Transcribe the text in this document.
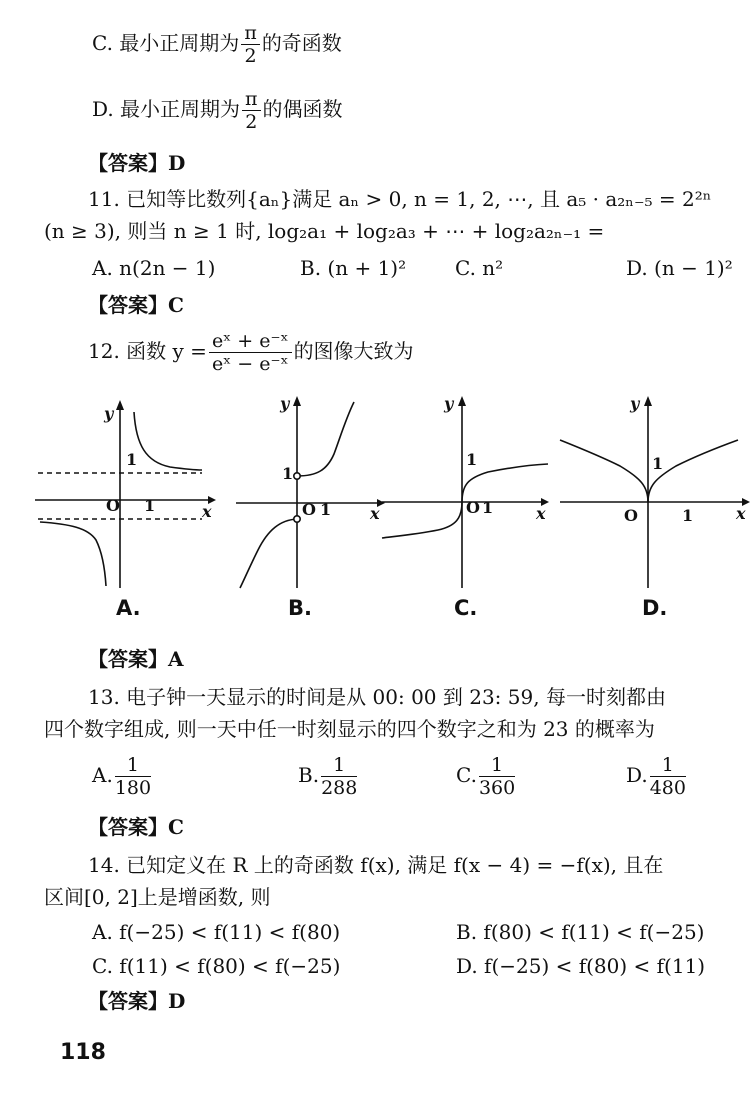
C. 最小正周期为 $\frac{\pi}{2}$ 的奇函数
D. 最小正周期为 $\frac{\pi}{2}$ 的偶函数
【答案】D
11. 已知等比数列{aₙ}满足 aₙ > 0, n = 1, 2, ⋯, 且 a₅ · a₂ₙ₋₅ = 2²ⁿ
(n ≥ 3), 则当 n ≥ 1 时, log₂a₁ + log₂a₃ + ⋯ + log₂a₂ₙ₋₁ =
A. n(2n − 1)	B. (n + 1)² C. n²	D. (n − 1)²
【答案】C
12. 函数 $y = \frac{\text{eˣ + e⁻ˣ}}{\text{eˣ − e⁻ˣ}}$ 的图像大致为
y
x
O
1
1
y
x
O
1
1
y
x
O
1
1
y
x
O
1
1
A.	B.	C.	D.
【答案】A
13. 电子钟一天显示的时间是从 00: 00 到 23: 59, 每一时刻都由
四个数字组成, 则一天中任一时刻显示的四个数字之和为 23 的概率为
A. $\frac{1}{180}$	B. $\frac{1}{288}$	C. $\frac{1}{360}$	D. $\frac{1}{480}$
【答案】C
14. 已知定义在 R 上的奇函数 f(x), 满足 f(x − 4) = −f(x), 且在
区间[0, 2]上是增函数, 则
A. f(−25) < f(11) < f(80)	B. f(80) < f(11) < f(−25)
C. f(11) < f(80) < f(−25)	D. f(−25) < f(80) < f(11)
【答案】D
118
